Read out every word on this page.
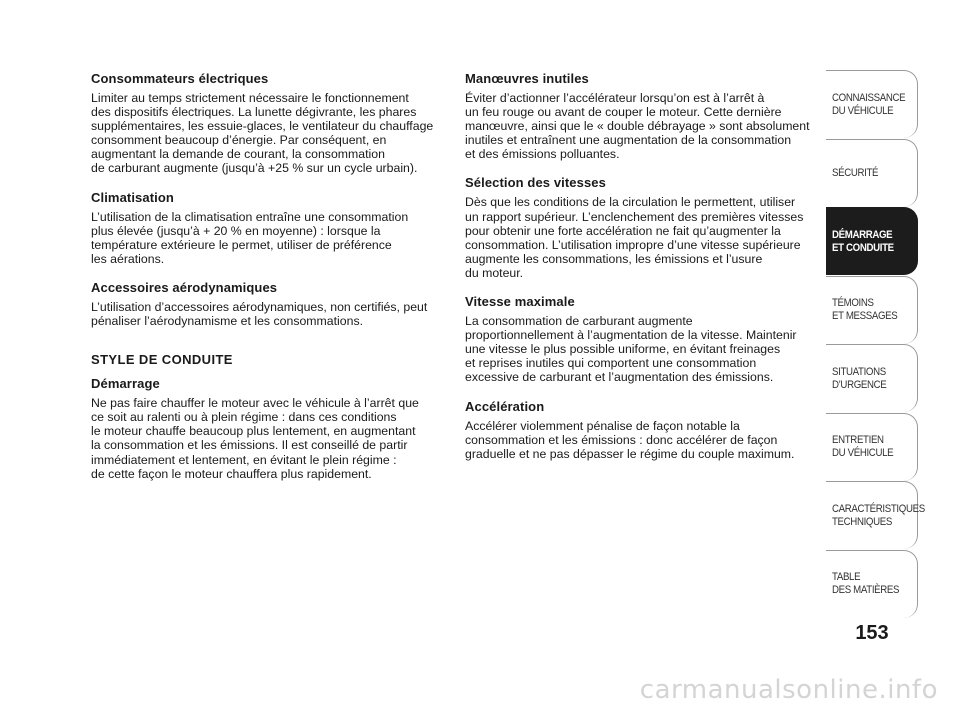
Consommateurs électriques
Limiter au temps strictement nécessaire le fonctionnement
des dispositifs électriques. La lunette dégivrante, les phares
supplémentaires, les essuie-glaces, le ventilateur du chauffage
consomment beaucoup d’énergie. Par conséquent, en
augmentant la demande de courant, la consommation
de carburant augmente (jusqu’à +25 % sur un cycle urbain).
Climatisation
L’utilisation de la climatisation entraîne une consommation
plus élevée (jusqu’à + 20 % en moyenne) : lorsque la
température extérieure le permet, utiliser de préférence
les aérations.
Accessoires aérodynamiques
L’utilisation d’accessoires aérodynamiques, non certifiés, peut
pénaliser l’aérodynamisme et les consommations.
STYLE DE CONDUITE
Démarrage
Ne pas faire chauffer le moteur avec le véhicule à l’arrêt que
ce soit au ralenti ou à plein régime : dans ces conditions
le moteur chauffe beaucoup plus lentement, en augmentant
la consommation et les émissions. Il est conseillé de partir
immédiatement et lentement, en évitant le plein régime :
de cette façon le moteur chauffera plus rapidement.
Manœuvres inutiles
Éviter d’actionner l’accélérateur lorsqu’on est à l’arrêt à
un feu rouge ou avant de couper le moteur. Cette dernière
manœuvre, ainsi que le « double débrayage » sont absolument
inutiles et entraînent une augmentation de la consommation
et des émissions polluantes.
Sélection des vitesses
Dès que les conditions de la circulation le permettent, utiliser
un rapport supérieur. L’enclenchement des premières vitesses
pour obtenir une forte accélération ne fait qu’augmenter la
consommation. L’utilisation impropre d’une vitesse supérieure
augmente les consommations, les émissions et l’usure
du moteur.
Vitesse maximale
La consommation de carburant augmente
proportionnellement à l’augmentation de la vitesse. Maintenir
une vitesse le plus possible uniforme, en évitant freinages
et reprises inutiles qui comportent une consommation
excessive de carburant et l’augmentation des émissions.
Accélération
Accélérer violemment pénalise de façon notable la
consommation et les émissions : donc accélérer de façon
graduelle et ne pas dépasser le régime du couple maximum.
CONNAISSANCE
DU VÉHICULE
SÉCURITÉ
DÉMARRAGE
ET CONDUITE
TÉMOINS
ET MESSAGES
SITUATIONS
D’URGENCE
ENTRETIEN
DU VÉHICULE
CARACTÉRISTIQUES
TECHNIQUES
TABLE
DES MATIÈRES
153
carmanualsonline.info
